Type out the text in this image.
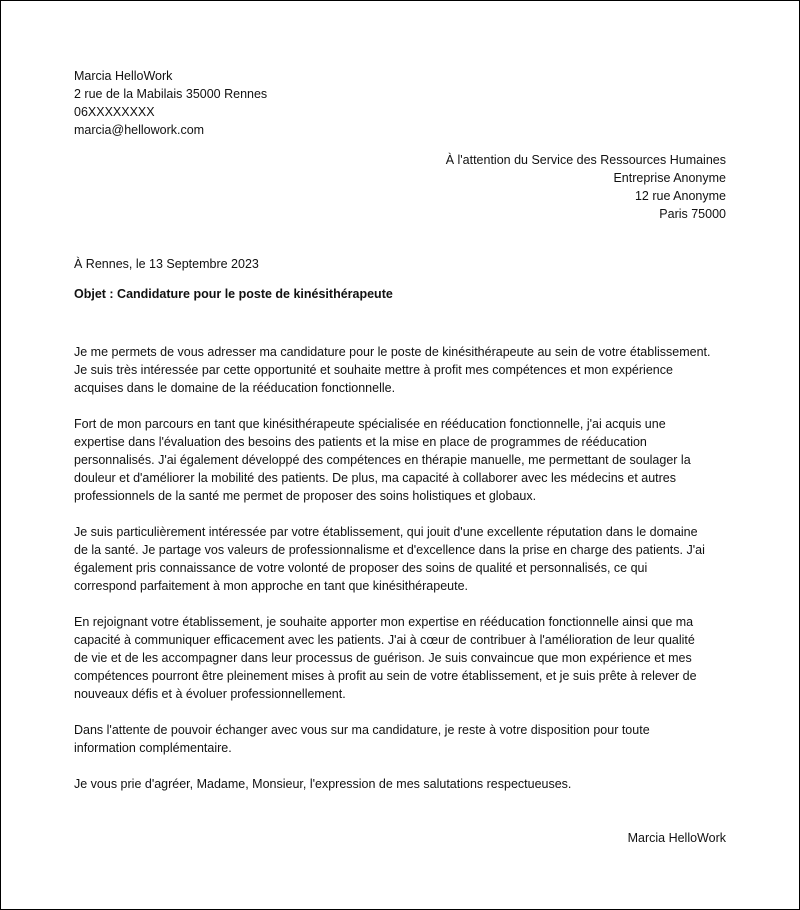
Marcia HelloWork
2 rue de la Mabilais 35000 Rennes
06XXXXXXXX
marcia@hellowork.com
À l'attention du Service des Ressources Humaines
Entreprise Anonyme
12 rue Anonyme
Paris 75000
À Rennes, le 13 Septembre 2023
Objet : Candidature pour le poste de kinésithérapeute
Je me permets de vous adresser ma candidature pour le poste de kinésithérapeute au sein de votre établissement.
Je suis très intéressée par cette opportunité et souhaite mettre à profit mes compétences et mon expérience
acquises dans le domaine de la rééducation fonctionnelle.
Fort de mon parcours en tant que kinésithérapeute spécialisée en rééducation fonctionnelle, j'ai acquis une
expertise dans l'évaluation des besoins des patients et la mise en place de programmes de rééducation
personnalisés. J'ai également développé des compétences en thérapie manuelle, me permettant de soulager la
douleur et d'améliorer la mobilité des patients. De plus, ma capacité à collaborer avec les médecins et autres
professionnels de la santé me permet de proposer des soins holistiques et globaux.
Je suis particulièrement intéressée par votre établissement, qui jouit d'une excellente réputation dans le domaine
de la santé. Je partage vos valeurs de professionnalisme et d'excellence dans la prise en charge des patients. J'ai
également pris connaissance de votre volonté de proposer des soins de qualité et personnalisés, ce qui
correspond parfaitement à mon approche en tant que kinésithérapeute.
En rejoignant votre établissement, je souhaite apporter mon expertise en rééducation fonctionnelle ainsi que ma
capacité à communiquer efficacement avec les patients. J'ai à cœur de contribuer à l'amélioration de leur qualité
de vie et de les accompagner dans leur processus de guérison. Je suis convaincue que mon expérience et mes
compétences pourront être pleinement mises à profit au sein de votre établissement, et je suis prête à relever de
nouveaux défis et à évoluer professionnellement.
Dans l'attente de pouvoir échanger avec vous sur ma candidature, je reste à votre disposition pour toute
information complémentaire.
Je vous prie d'agréer, Madame, Monsieur, l'expression de mes salutations respectueuses.
Marcia HelloWork
